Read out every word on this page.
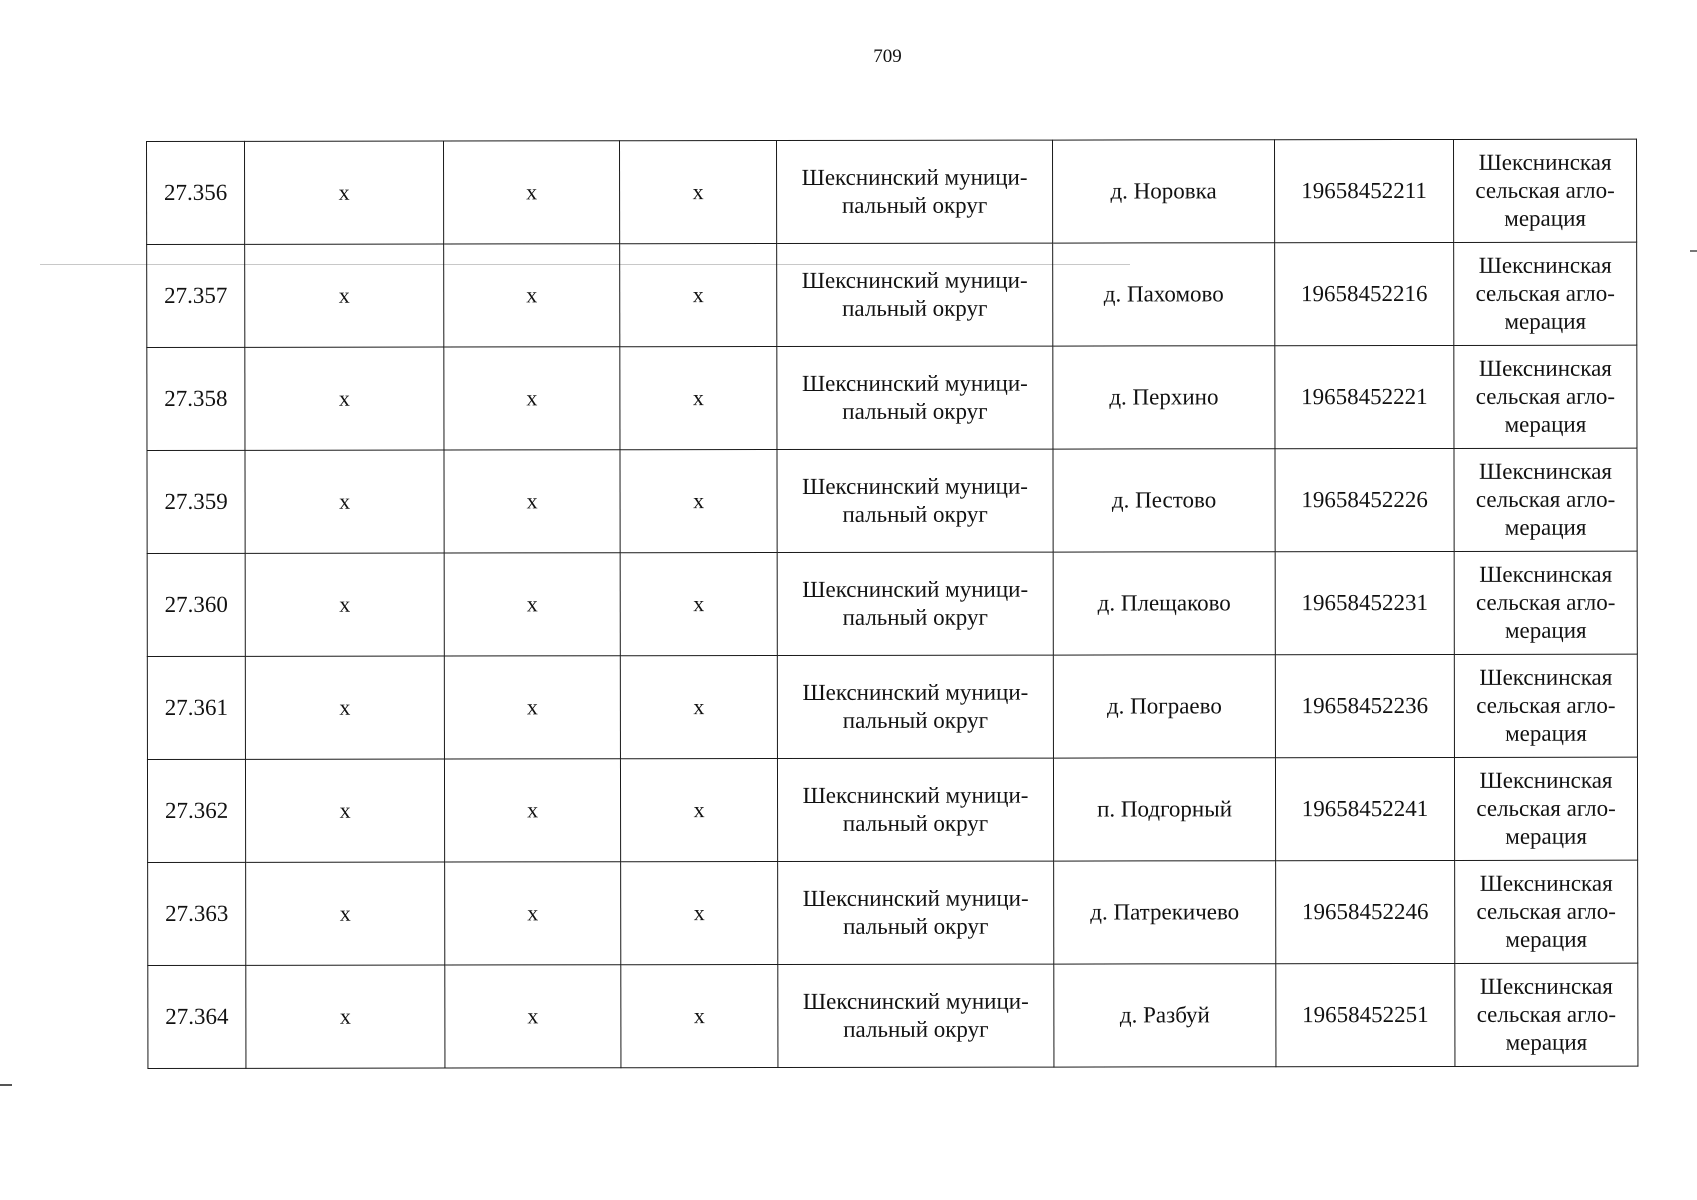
709
27.356	x	x	x	Шекснинский муници-
пальный округ	д. Норовка	19658452211	Шекснинская
сельская агло-
мерация
27.357	x	x	x	Шекснинский муници-
пальный округ	д. Пахомово	19658452216	Шекснинская
сельская агло-
мерация
27.358	x	x	x	Шекснинский муници-
пальный округ	д. Перхино	19658452221	Шекснинская
сельская агло-
мерация
27.359	x	x	x	Шекснинский муници-
пальный округ	д. Пестово	19658452226	Шекснинская
сельская агло-
мерация
27.360	x	x	x	Шекснинский муници-
пальный округ	д. Плещаково	19658452231	Шекснинская
сельская агло-
мерация
27.361	x	x	x	Шекснинский муници-
пальный округ	д. Пограево	19658452236	Шекснинская
сельская агло-
мерация
27.362	x	x	x	Шекснинский муници-
пальный округ	п. Подгорный	19658452241	Шекснинская
сельская агло-
мерация
27.363	x	x	x	Шекснинский муници-
пальный округ	д. Патрекичево	19658452246	Шекснинская
сельская агло-
мерация
27.364	x	x	x	Шекснинский муници-
пальный округ	д. Разбуй	19658452251	Шекснинская
сельская агло-
мерация
